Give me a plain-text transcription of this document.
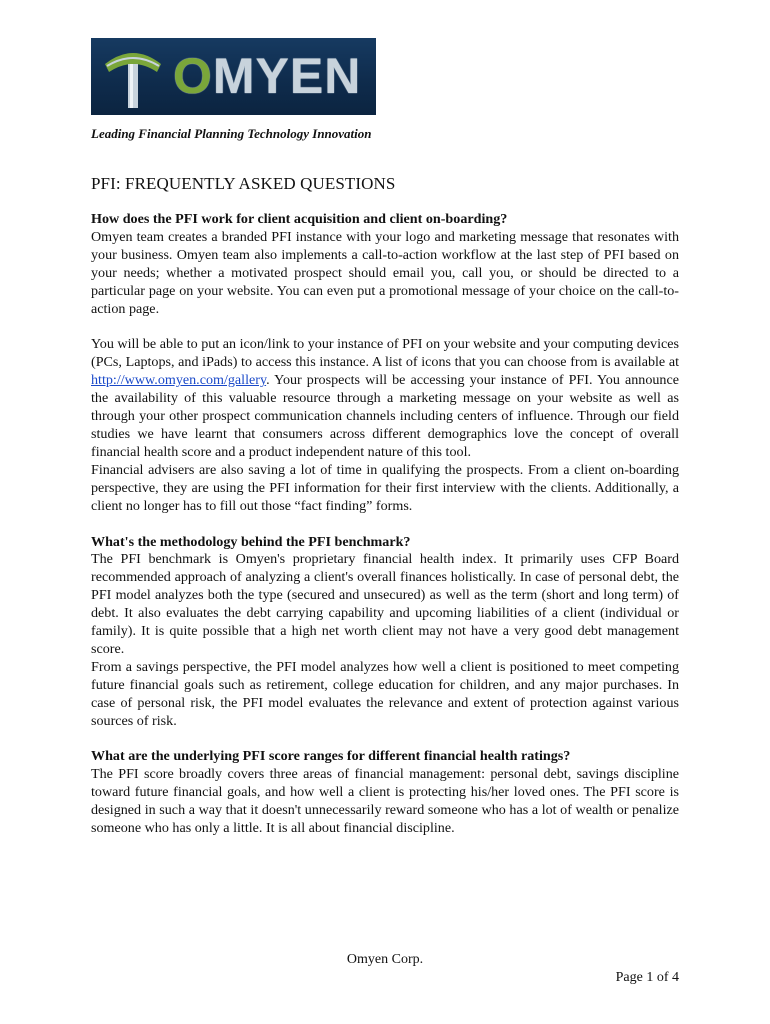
OMYEN
Leading Financial Planning Technology Innovation
PFI: FREQUENTLY ASKED QUESTIONS

How does the PFI work for client acquisition and client on-boarding?

Omyen team creates a branded PFI instance with your logo and marketing message that resonates with your business. Omyen team also implements a call-to-action workflow at the last step of PFI based on your needs; whether a motivated prospect should email you, call you, or should be directed to a particular page on your website. You can even put a promotional message of your choice on the call-to-action page.

You will be able to put an icon/link to your instance of PFI on your website and your computing devices (PCs, Laptops, and iPads) to access this instance. A list of icons that you can choose from is available at http://www.omyen.com/gallery. Your prospects will be accessing your instance of PFI. You announce the availability of this valuable resource through a marketing message on your website as well as through your other prospect communication channels including centers of influence. Through our field studies we have learnt that consumers across different demographics love the concept of overall financial health score and a product independent nature of this tool.

Financial advisers are also saving a lot of time in qualifying the prospects. From a client on-boarding perspective, they are using the PFI information for their first interview with the clients. Additionally, a client no longer has to fill out those “fact finding” forms.

What's the methodology behind the PFI benchmark?

The PFI benchmark is Omyen's proprietary financial health index. It primarily uses CFP Board recommended approach of analyzing a client's overall finances holistically. In case of personal debt, the PFI model analyzes both the type (secured and unsecured) as well as the term (short and long term) of debt. It also evaluates the debt carrying capability and upcoming liabilities of a client (individual or family). It is quite possible that a high net worth client may not have a very good debt management score.

From a savings perspective, the PFI model analyzes how well a client is positioned to meet competing future financial goals such as retirement, college education for children, and any major purchases. In case of personal risk, the PFI model evaluates the relevance and extent of protection against various sources of risk.

What are the underlying PFI score ranges for different financial health ratings?

The PFI score broadly covers three areas of financial management: personal debt, savings discipline toward future financial goals, and how well a client is protecting his/her loved ones. The PFI score is designed in such a way that it doesn't unnecessarily reward someone who has a lot of wealth or penalize someone who has only a little. It is all about financial discipline.

Omyen Corp.
Page 1 of 4
